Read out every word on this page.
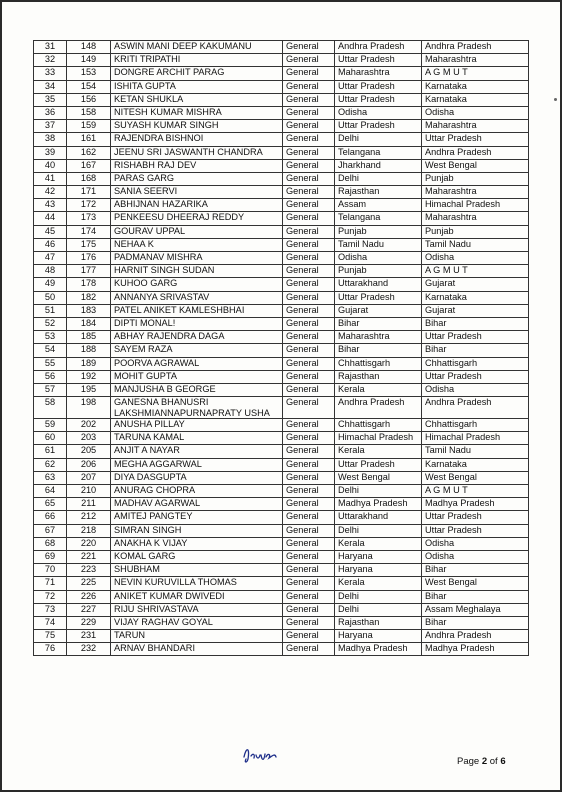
31	148	ASWIN MANI DEEP KAKUMANU	General	Andhra Pradesh	Andhra Pradesh
32	149	KRITI TRIPATHI	General	Uttar Pradesh	Maharashtra
33	153	DONGRE ARCHIT PARAG	General	Maharashtra	A G M U T
34	154	ISHITA GUPTA	General	Uttar Pradesh	Karnataka
35	156	KETAN SHUKLA	General	Uttar Pradesh	Karnataka
36	158	NITESH KUMAR MISHRA	General	Odisha	Odisha
37	159	SUYASH KUMAR SINGH	General	Uttar Pradesh	Maharashtra
38	161	RAJENDRA BISHNOI	General	Delhi	Uttar Pradesh
39	162	JEENU SRI JASWANTH CHANDRA	General	Telangana	Andhra Pradesh
40	167	RISHABH RAJ DEV	General	Jharkhand	West Bengal
41	168	PARAS GARG	General	Delhi	Punjab
42	171	SANIA SEERVI	General	Rajasthan	Maharashtra
43	172	ABHIJNAN HAZARIKA	General	Assam	Himachal Pradesh
44	173	PENKEESU DHEERAJ REDDY	General	Telangana	Maharashtra
45	174	GOURAV UPPAL	General	Punjab	Punjab
46	175	NEHAA K	General	Tamil Nadu	Tamil Nadu
47	176	PADMANAV MISHRA	General	Odisha	Odisha
48	177	HARNIT SINGH SUDAN	General	Punjab	A G M U T
49	178	KUHOO GARG	General	Uttarakhand	Gujarat
50	182	ANNANYA SRIVASTAV	General	Uttar Pradesh	Karnataka
51	183	PATEL ANIKET KAMLESHBHAI	General	Gujarat	Gujarat
52	184	DIPTI MONAL!	General	Bihar	Bihar
53	185	ABHAY RAJENDRA DAGA	General	Maharashtra	Uttar Pradesh
54	188	SAYEM RAZA	General	Bihar	Bihar
55	189	POORVA AGRAWAL	General	Chhattisgarh	Chhattisgarh
56	192	MOHIT GUPTA	General	Rajasthan	Uttar Pradesh
57	195	MANJUSHA B GEORGE	General	Kerala	Odisha
58	198	GANESNA BHANUSRI LAKSHMIANNAPURNAPRATY USHA	General	Andhra Pradesh	Andhra Pradesh
59	202	ANUSHA PILLAY	General	Chhattisgarh	Chhattisgarh
60	203	TARUNA KAMAL	General	Himachal Pradesh	Himachal Pradesh
61	205	ANJIT A NAYAR	General	Kerala	Tamil Nadu
62	206	MEGHA AGGARWAL	General	Uttar Pradesh	Karnataka
63	207	DIYA DASGUPTA	General	West Bengal	West Bengal
64	210	ANURAG CHOPRA	General	Delhi	A G M U T
65	211	MADHAV AGARWAL	General	Madhya Pradesh	Madhya Pradesh
66	212	AMITEJ PANGTEY	General	Uttarakhand	Uttar Pradesh
67	218	SIMRAN SINGH	General	Delhi	Uttar Pradesh
68	220	ANAKHA K VIJAY	General	Kerala	Odisha
69	221	KOMAL GARG	General	Haryana	Odisha
70	223	SHUBHAM	General	Haryana	Bihar
71	225	NEVIN KURUVILLA THOMAS	General	Kerala	West Bengal
72	226	ANIKET KUMAR DWIVEDI	General	Delhi	Bihar
73	227	RIJU SHRIVASTAVA	General	Delhi	Assam Meghalaya
74	229	VIJAY RAGHAV GOYAL	General	Rajasthan	Bihar
75	231	TARUN	General	Haryana	Andhra Pradesh
76	232	ARNAV BHANDARI	General	Madhya Pradesh	Madhya Pradesh
Page 2 of 6
